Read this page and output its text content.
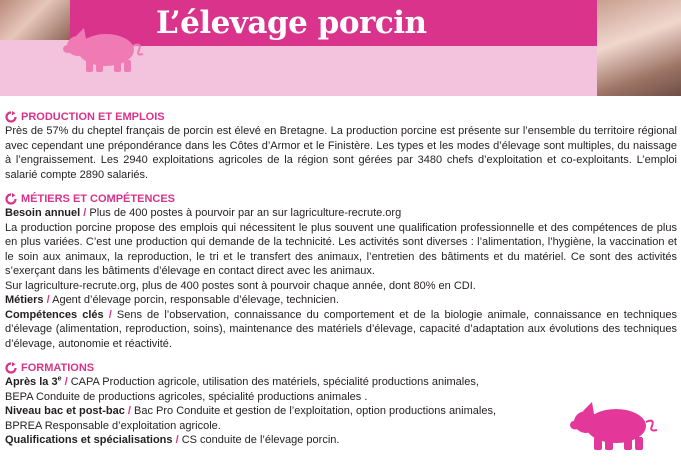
L’élevage porcin
PRODUCTION ET EMPLOIS

Près de 57% du cheptel français de porcin est élevé en Bretagne. La production porcine est présente sur l’ensemble du territoire régional avec cependant une prépondérance dans les Côtes d’Armor et le Finistère. Les types et les modes d’élevage sont multiples, du naissage à l’engraissement. Les 2940 exploitations agricoles de la région sont gérées par 3480 chefs d’exploitation et co-exploitants. L’emploi salarié compte 2890 salariés.

MÉTIERS ET COMPÉTENCES

Besoin annuel / Plus de 400 postes à pourvoir par an sur lagriculture-recrute.org

La production porcine propose des emplois qui nécessitent le plus souvent une qualification professionnelle et des compétences de plus en plus variées. C’est une production qui demande de la technicité. Les activités sont diverses : l’alimentation, l’hygiène, la vaccination et le soin aux animaux, la reproduction, le tri et le transfert des animaux, l’entretien des bâtiments et du matériel. Ce sont des activités s’exerçant dans les bâtiments d’élevage en contact direct avec les animaux.

Sur lagriculture-recrute.org, plus de 400 postes sont à pourvoir chaque année, dont 80% en CDI.

Métiers / Agent d’élevage porcin, responsable d’élevage, technicien.

Compétences clés / Sens de l’observation, connaissance du comportement et de la biologie animale, connaissance en techniques d’élevage (alimentation, reproduction, soins), maintenance des matériels d’élevage, capacité d’adaptation aux évolutions des techniques d’élevage, autonomie et réactivité.

FORMATIONS

Après la 3e / CAPA Production agricole, utilisation des matériels, spécialité productions animales,

BEPA Conduite de productions agricoles, spécialité productions animales .

Niveau bac et post-bac / Bac Pro Conduite et gestion de l’exploitation, option productions animales,

BPREA Responsable d’exploitation agricole.

Qualifications et spécialisations / CS conduite de l’élevage porcin.
